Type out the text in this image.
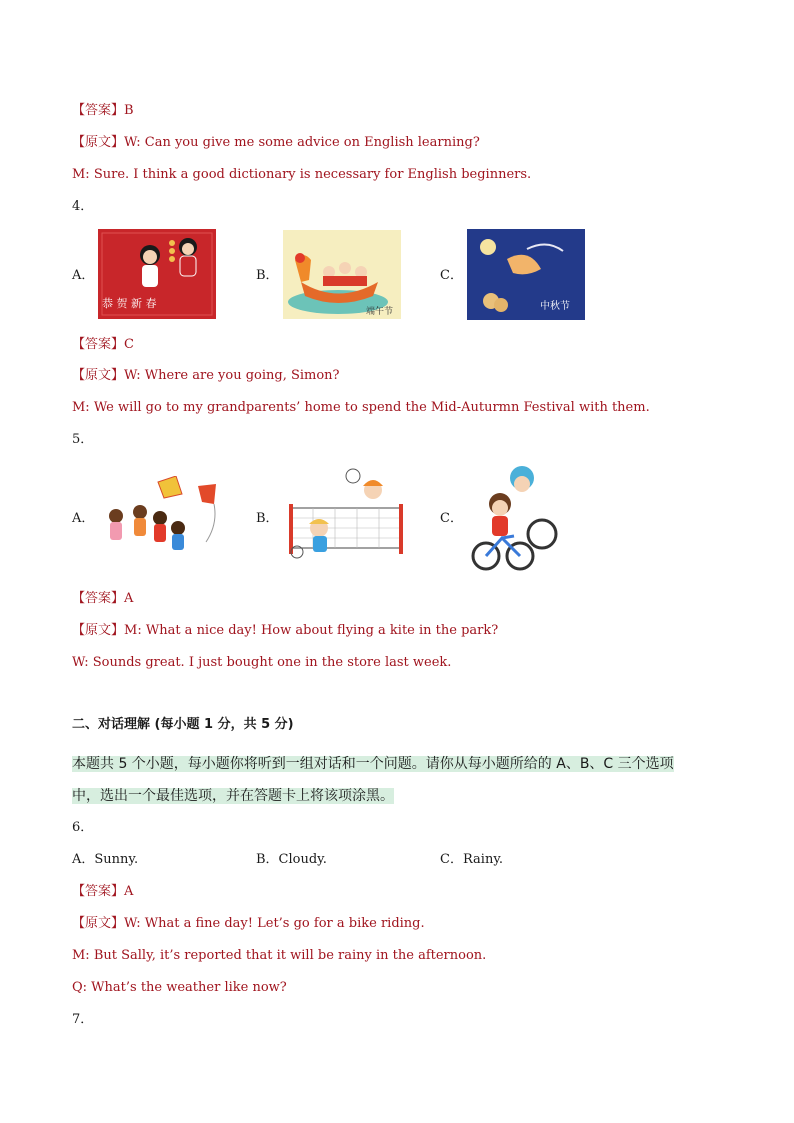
【答案】B
【原文】W: Can you give me some advice on English learning?
M: Sure. I think a good dictionary is necessary for English beginners.
4．
A．
恭 贺 新 春
B．
端午节
C．
中秋节
【答案】C
【原文】W: Where are you going, Simon?
M: We will go to my grandparents’ home to spend the Mid-Auturmn Festival with them.
5．
A．	B．	C．
【答案】A
【原文】M: What a nice day! How about flying a kite in the park?
W: Sounds great. I just bought one in the store last week.
二、对话理解 (每小题 1 分，共 5 分)
本题共 5 个小题，每小题你将听到一组对话和一个问题。请你从每小题所给的 A、B、C 三个选项
中，选出一个最佳选项，并在答题卡上将该项涂黑。
6．
A．Sunny.	B．Cloudy.	C．Rainy.
【答案】A
【原文】W: What a fine day! Let’s go for a bike riding.
M: But Sally, it’s reported that it will be rainy in the afternoon.
Q: What’s the weather like now?
7．
